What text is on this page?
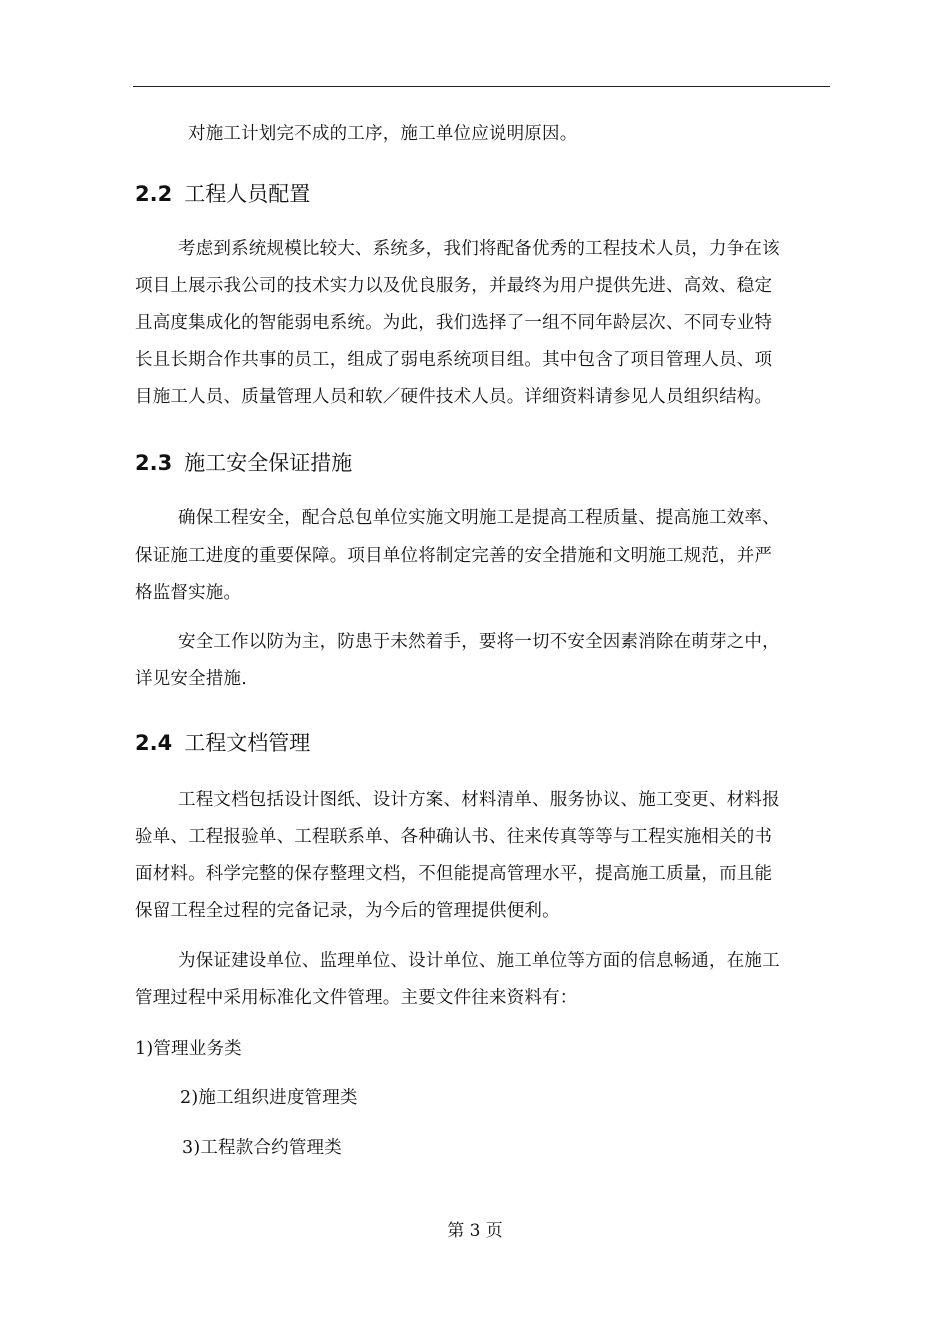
对施工计划完不成的工序，施工单位应说明原因。
2.2 工程人员配置
考虑到系统规模比较大、系统多，我们将配备优秀的工程技术人员，力争在该
项目上展示我公司的技术实力以及优良服务，并最终为用户提供先进、高效、稳定
且高度集成化的智能弱电系统。为此，我们选择了一组不同年龄层次、不同专业特
长且长期合作共事的员工，组成了弱电系统项目组。其中包含了项目管理人员、项
目施工人员、质量管理人员和软／硬件技术人员。详细资料请参见人员组织结构。
2.3 施工安全保证措施
确保工程安全，配合总包单位实施文明施工是提高工程质量、提高施工效率、
保证施工进度的重要保障。项目单位将制定完善的安全措施和文明施工规范，并严
格监督实施。
安全工作以防为主，防患于未然着手，要将一切不安全因素消除在萌芽之中，
详见安全措施.
2.4 工程文档管理
工程文档包括设计图纸、设计方案、材料清单、服务协议、施工变更、材料报
验单、工程报验单、工程联系单、各种确认书、往来传真等等与工程实施相关的书
面材料。科学完整的保存整理文档，不但能提高管理水平，提高施工质量，而且能
保留工程全过程的完备记录，为今后的管理提供便利。
为保证建设单位、监理单位、设计单位、施工单位等方面的信息畅通，在施工
管理过程中采用标准化文件管理。主要文件往来资料有：
1)管理业务类
2)施工组织进度管理类
3)工程款合约管理类
第 3 页
